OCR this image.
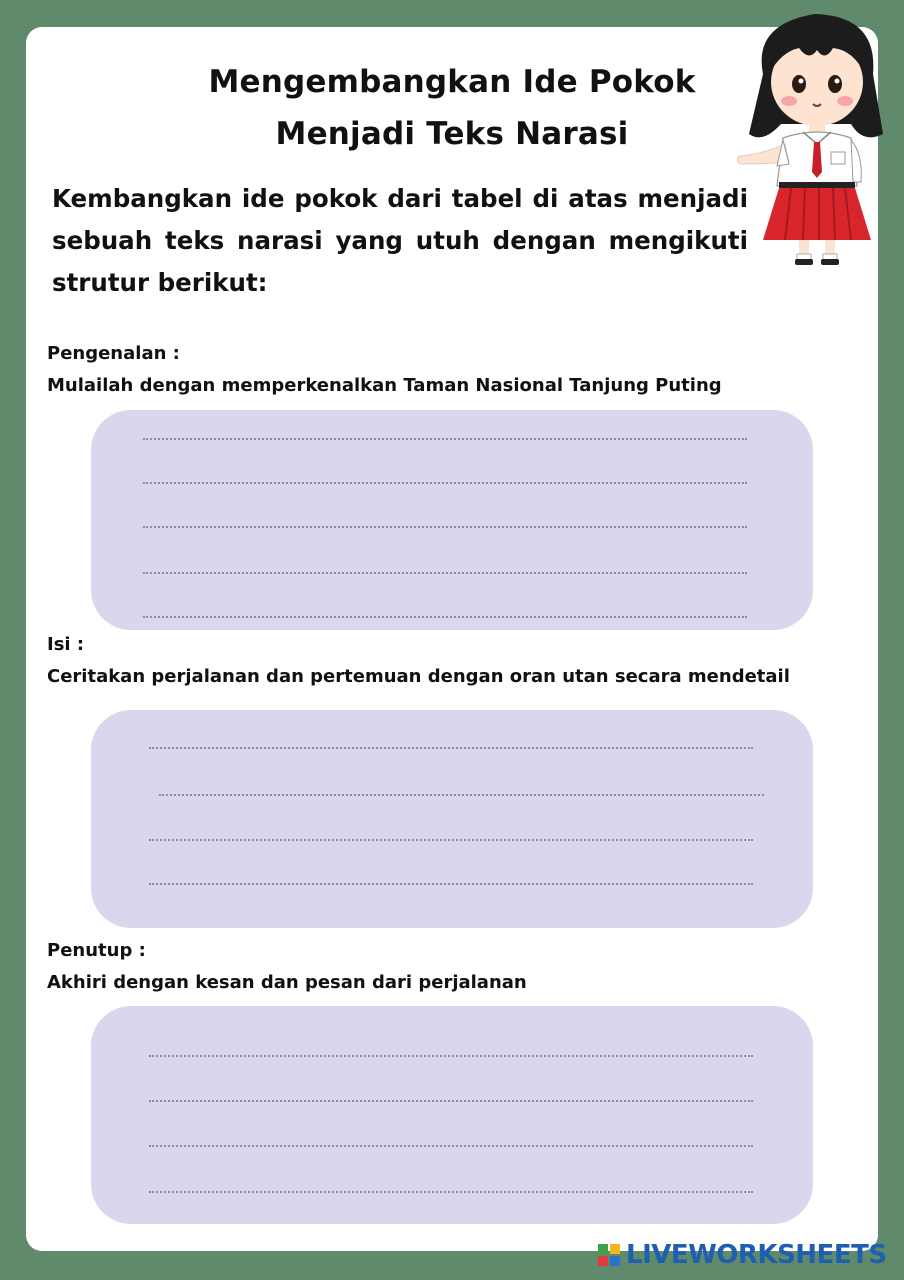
Mengembangkan Ide Pokok
Menjadi Teks Narasi
Kembangkan ide pokok dari tabel di atas menjadi sebuah teks narasi yang utuh dengan mengikuti strutur berikut:
Pengenalan :
Mulailah dengan memperkenalkan Taman Nasional Tanjung Puting
Isi :
Ceritakan perjalanan dan pertemuan dengan oran utan secara mendetail
Penutup :
Akhiri dengan kesan dan pesan dari perjalanan
LIVEWORKSHEETS
